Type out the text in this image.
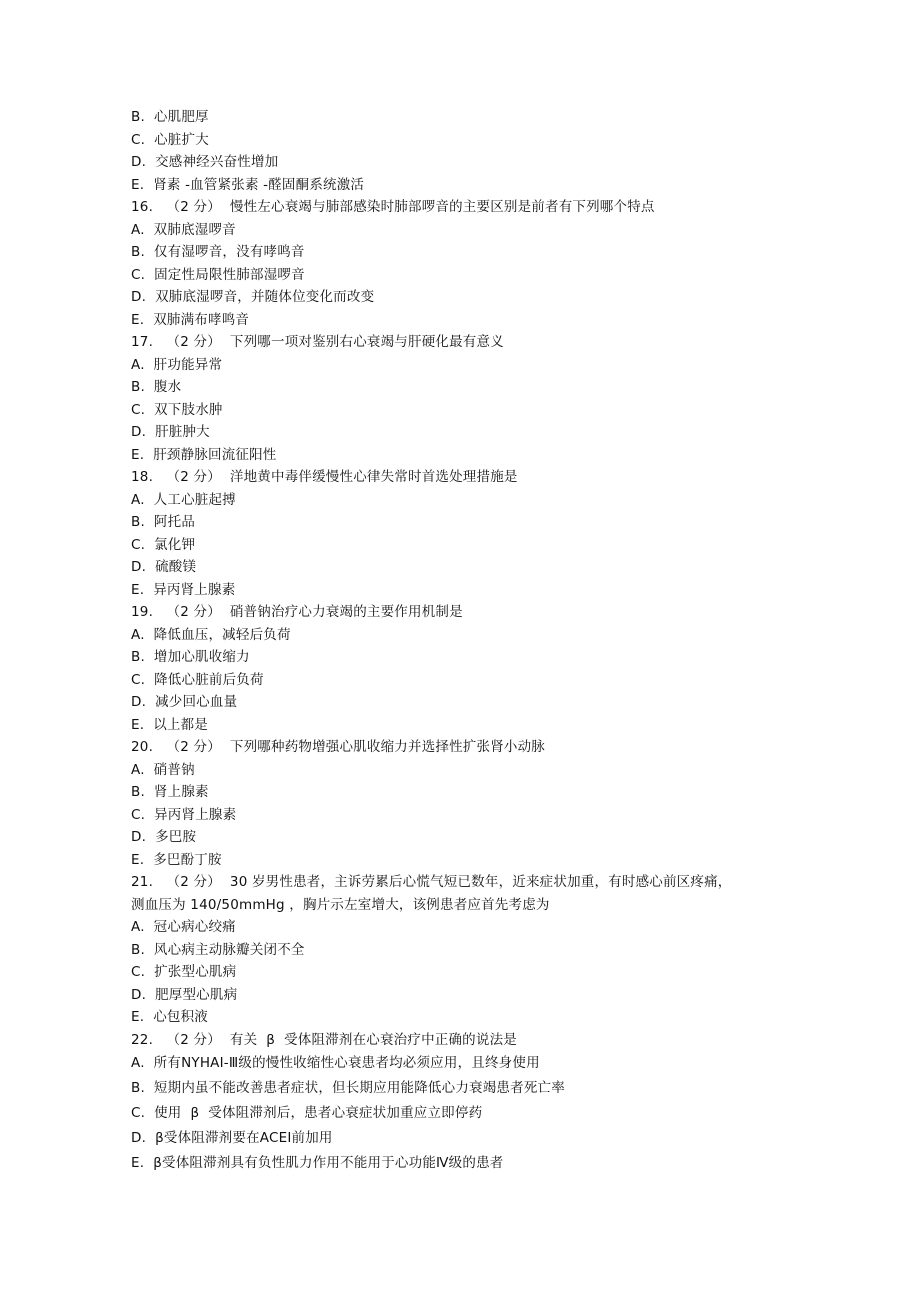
B.  心肌肥厚
C.  心脏扩大
D.  交感神经兴奋性增加
E.  肾素 -血管紧张素 -醛固酮系统激活
16.   （2 分）  慢性左心衰竭与肺部感染时肺部啰音的主要区别是前者有下列哪个特点
A.  双肺底湿啰音
B.  仅有湿啰音，没有哮鸣音
C.  固定性局限性肺部湿啰音
D.  双肺底湿啰音，并随体位变化而改变
E.  双肺满布哮鸣音
17.   （2 分）  下列哪一项对鉴别右心衰竭与肝硬化最有意义
A.  肝功能异常
B.  腹水
C.  双下肢水肿
D.  肝脏肿大
E.  肝颈静脉回流征阳性
18.   （2 分）  洋地黄中毒伴缓慢性心律失常时首选处理措施是
A.  人工心脏起搏
B.  阿托品
C.  氯化钾
D.  硫酸镁
E.  异丙肾上腺素
19.   （2 分）  硝普钠治疗心力衰竭的主要作用机制是
A.  降低血压，减轻后负荷
B.  增加心肌收缩力
C.  降低心脏前后负荷
D.  减少回心血量
E.  以上都是
20.   （2 分）  下列哪种药物增强心肌收缩力并选择性扩张肾小动脉
A.  硝普钠
B.  肾上腺素
C.  异丙肾上腺素
D.  多巴胺
E.  多巴酚丁胺
21.   （2 分）  30 岁男性患者，主诉劳累后心慌气短已数年，近来症状加重，有时感心前区疼痛，
测血压为 140/50mmHg ，胸片示左室增大，该例患者应首先考虑为
A.  冠心病心绞痛
B.  风心病主动脉瓣关闭不全
C.  扩张型心肌病
D.  肥厚型心肌病
E.  心包积液
22.   （2 分）  有关  β  受体阻滞剂在心衰治疗中正确的说法是
A.  所有NYHAⅠ-Ⅲ级的慢性收缩性心衰患者均必须应用，且终身使用
B.  短期内虽不能改善患者症状，但长期应用能降低心力衰竭患者死亡率
C.  使用  β  受体阻滞剂后，患者心衰症状加重应立即停药
D.  β受体阻滞剂要在ACEI前加用
E.  β受体阻滞剂具有负性肌力作用不能用于心功能Ⅳ级的患者
